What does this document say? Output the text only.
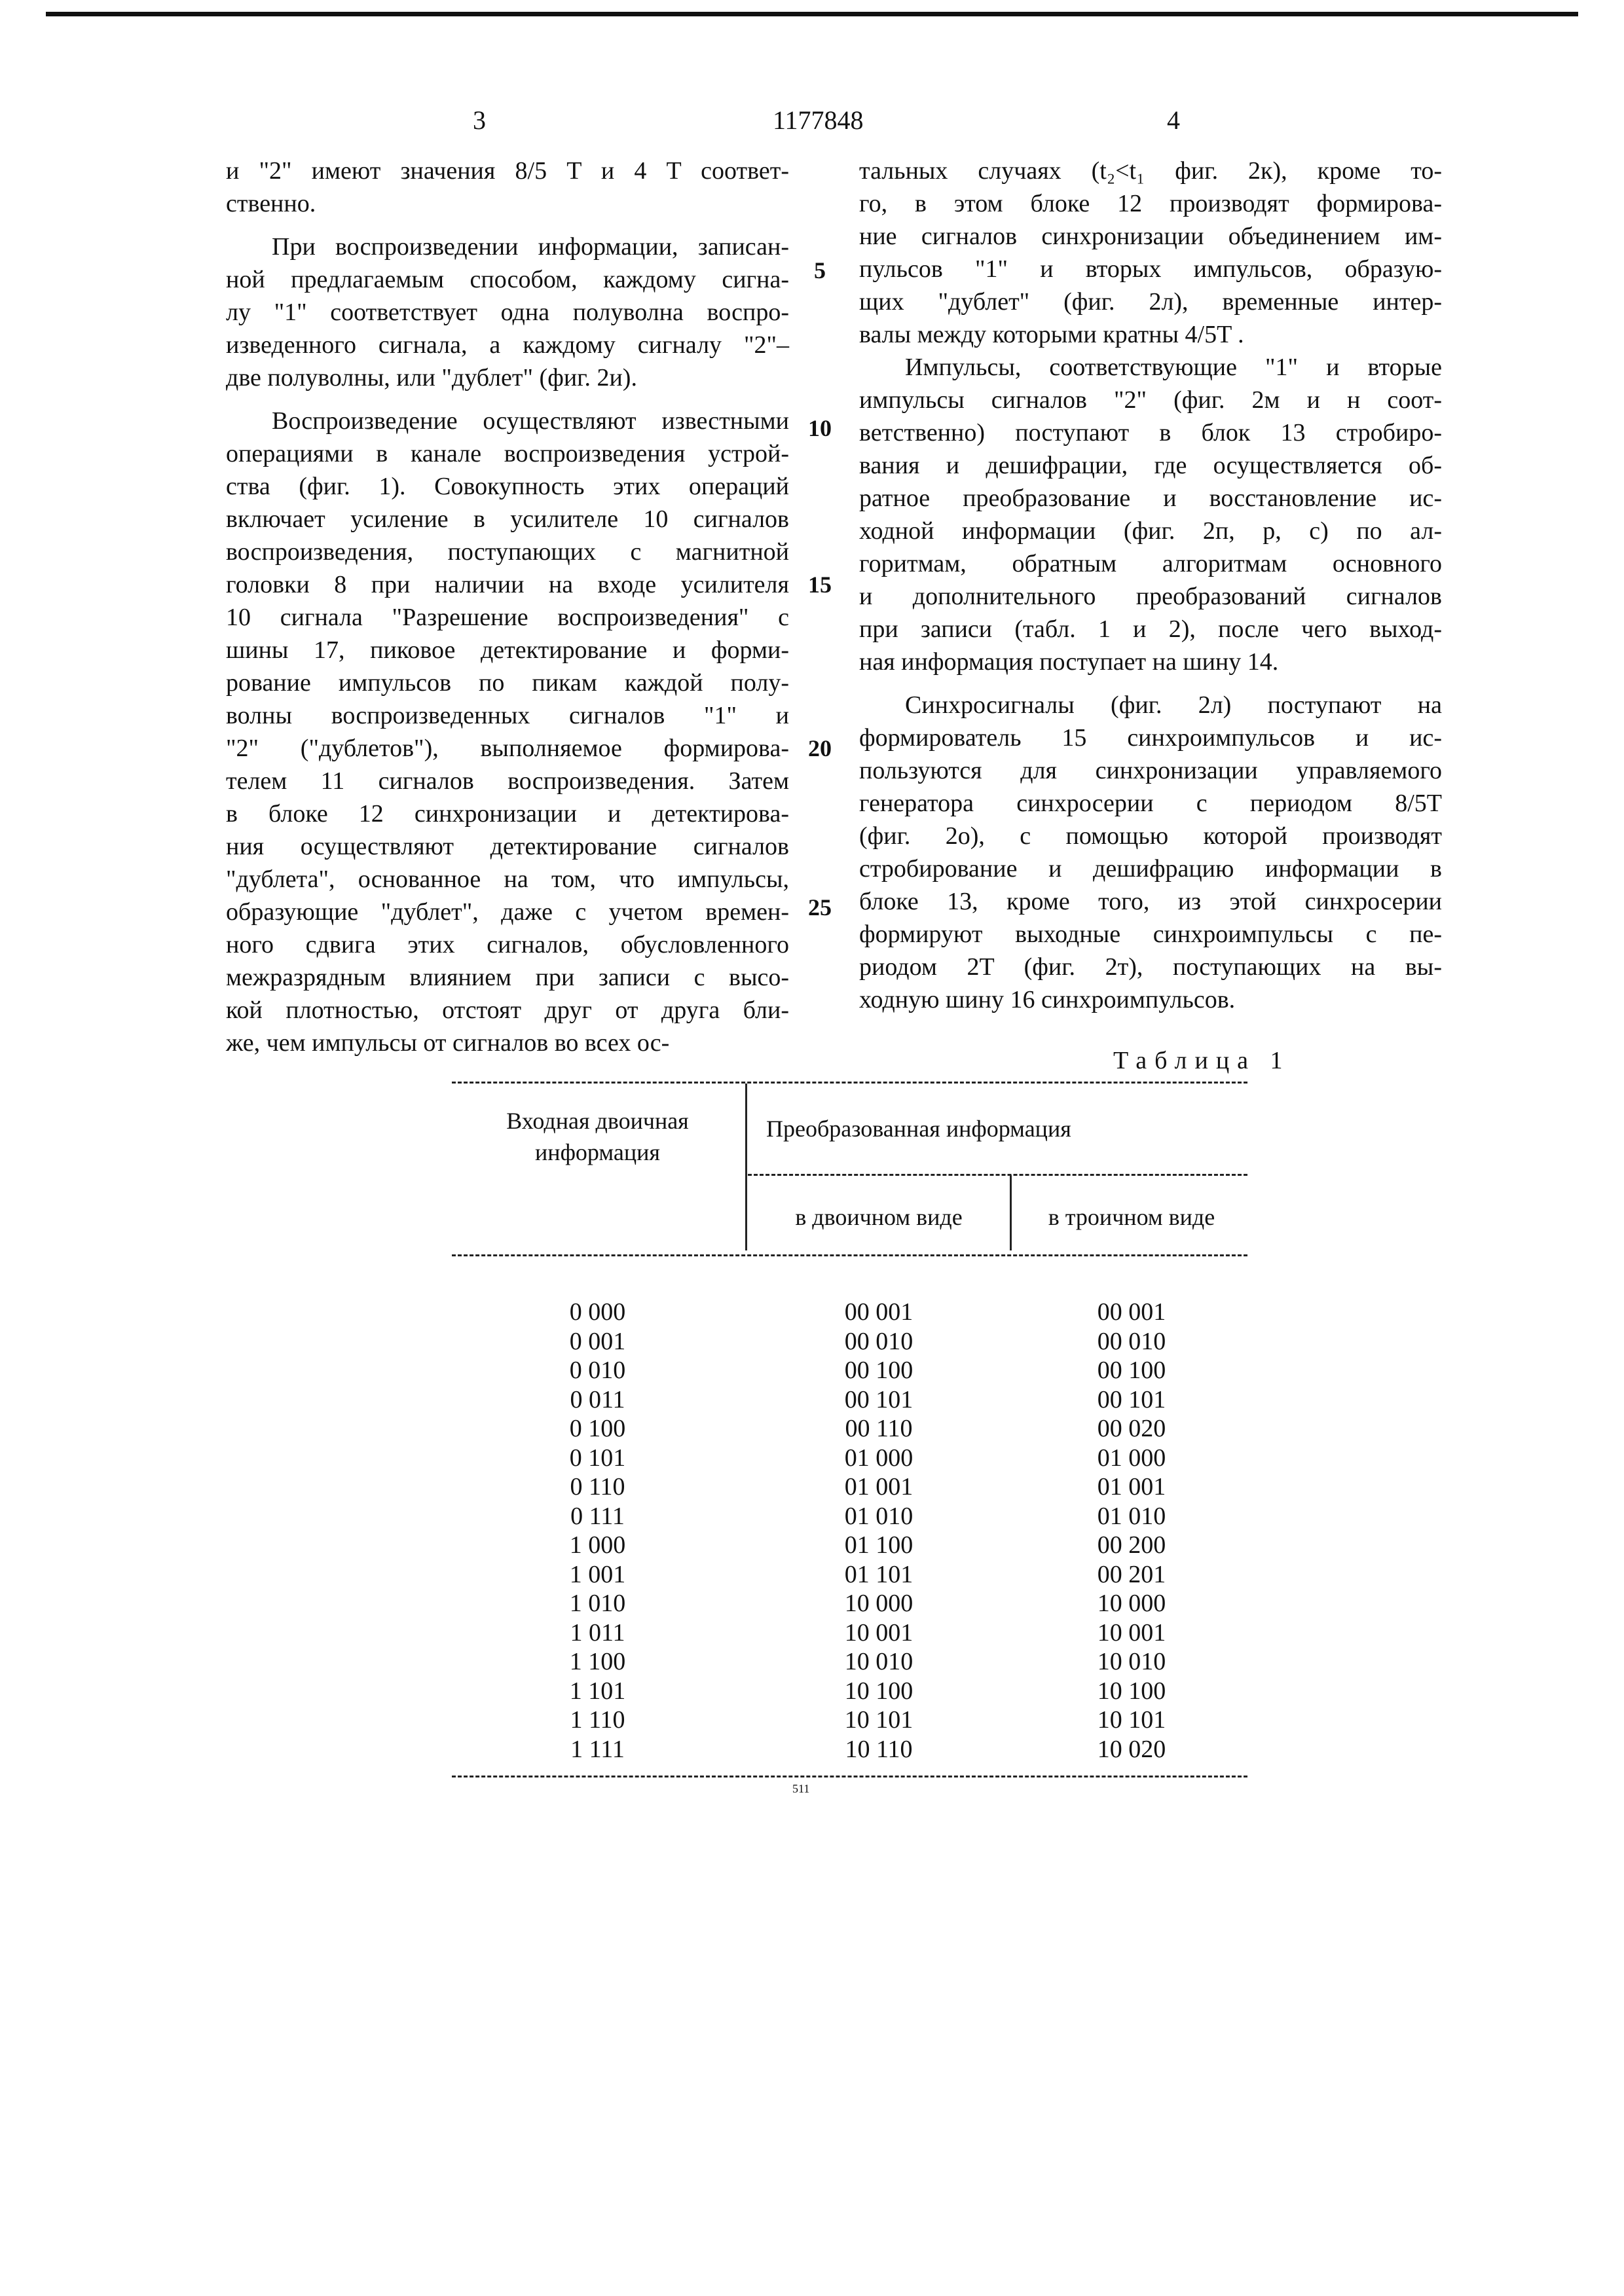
3	1177848	4
и "2" имеют значения 8/5 T и 4 T соответ-
ственно.
При воспроизведении информации, записан-
ной предлагаемым способом, каждому сигна-
лу "1" соответствует одна полуволна воспро-
изведенного сигнала, а каждому сигналу "2"–
две полуволны, или "дублет" (фиг. 2и).
Воспроизведение осуществляют известными
операциями в канале воспроизведения устрой-
ства (фиг. 1). Совокупность этих операций
включает усиление в усилителе 10 сигналов
воспроизведения, поступающих с магнитной
головки 8 при наличии на входе усилителя
10 сигнала "Разрешение воспроизведения" с
шины 17, пиковое детектирование и форми-
рование импульсов по пикам каждой полу-
волны воспроизведенных сигналов "1" и
"2" ("дублетов"), выполняемое формирова-
телем 11 сигналов воспроизведения. Затем
в блоке 12 синхронизации и детектирова-
ния осуществляют детектирование сигналов
"дублета", основанное на том, что импульсы,
образующие "дублет", даже с учетом времен-
ного сдвига этих сигналов, обусловленного
межразрядным влиянием при записи с высо-
кой плотностью, отстоят друг от друга бли-
же, чем импульсы от сигналов во всех ос-
тальных случаях (t₂<t₁ фиг. 2к), кроме то-
го, в этом блоке 12 производят формирова-
ние сигналов синхронизации объединением им-
пульсов "1" и вторых импульсов, образую-
щих "дублет" (фиг. 2л), временные интер-
валы между которыми кратны 4/5T .
Импульсы, соответствующие "1" и вторые
импульсы сигналов "2" (фиг. 2м и н соот-
ветственно) поступают в блок 13 стробиро-
вания и дешифрации, где осуществляется об-
ратное преобразование и восстановление ис-
ходной информации (фиг. 2п, р, с) по ал-
горитмам, обратным алгоритмам основного
и дополнительного преобразований сигналов
при записи (табл. 1 и 2), после чего выход-
ная информация поступает на шину 14.
Синхросигналы (фиг. 2л) поступают на
формирователь 15 синхроимпульсов и ис-
пользуются для синхронизации управляемого
генератора синхросерии с периодом 8/5T
(фиг. 2о), с помощью которой производят
стробирование и дешифрацию информации в
блоке 13, кроме того, из этой синхросерии
формируют выходные синхроимпульсы с пе-
риодом 2T (фиг. 2т), поступающих на вы-
ходную шину 16 синхроимпульсов.
5
10
15
20
25
Таблица 1
Входная двоичная информация
Преобразованная информация
в двоичном виде	в троичном виде
0 000	00 001	00 001
0 001	00 010	00 010
0 010	00 100	00 100
0 011	00 101	00 101
0 100	00 110	00 020
0 101	01 000	01 000
0 110	01 001	01 001
0 111	01 010	01 010
1 000	01 100	00 200
1 001	01 101	00 201
1 010	10 000	10 000
1 011	10 001	10 001
1 100	10 010	10 010
1 101	10 100	10 100
1 110	10 101	10 101
1 111	10 110	10 020
511
